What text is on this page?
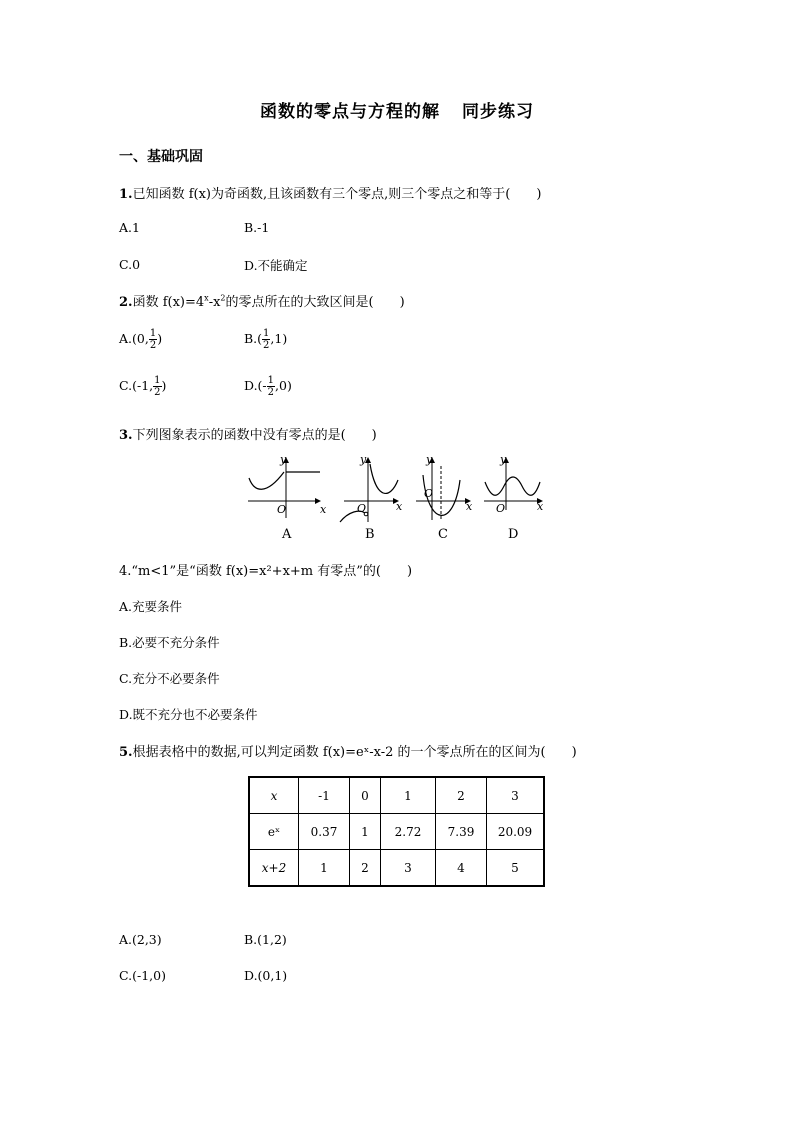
函数的零点与方程的解 同步练习
一、基础巩固
1.已知函数 f(x)为奇函数,且该函数有三个零点,则三个零点之和等于(　　)
A.1	B.-1
C.0	D.不能确定
2.函数 $f(x)=4^x-x^2$的零点所在的大致区间是(　　)
A.(0, $\frac{1}{2}$ )	$B.( \frac{1}{2} ,1)$
C.(-1, $\frac{1}{2}$ )	$D.(- \frac{1}{2} ,0)$
3.下列图象表示的函数中没有零点的是(　　)
y
x
O
A
y
x
O
B
y
x
O
C
y
x
O
D
4.“m<1”是“函数 f(x)=x²+x+m 有零点”的(　　)
A.充要条件
B.必要不充分条件
C.充分不必要条件
D.既不充分也不必要条件
5.根据表格中的数据,可以判定函数 f(x)=eˣ-x-2 的一个零点所在的区间为(　　)
x	-1	0	1	2	3
eˣ	0.37	1	2.72	7.39	20.09
x+2	1	2	3	4	5
A.(2,3)	B.(1,2)
C.(-1,0)	D.(0,1)
